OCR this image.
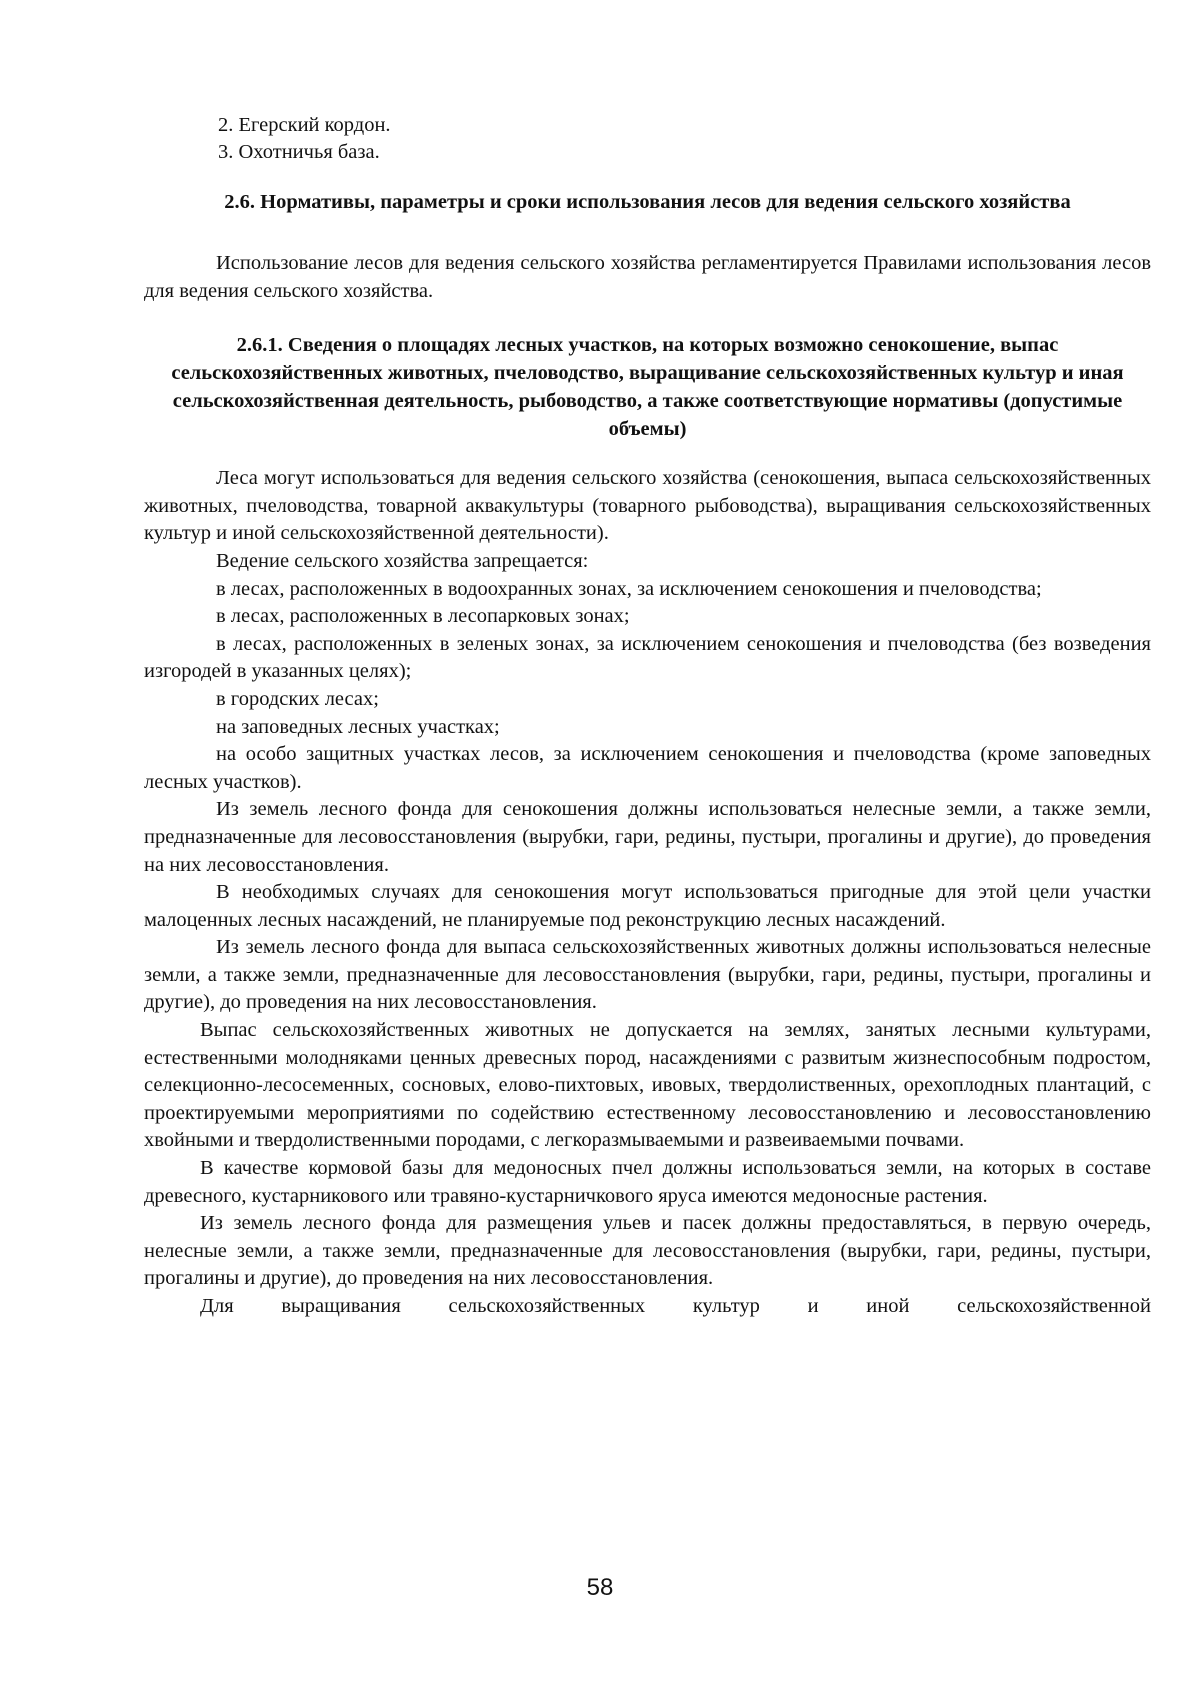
2. Егерский кордон.
3. Охотничья база.
2.6. Нормативы, параметры и сроки использования лесов для ведения сельского хозяйства

Использование лесов для ведения сельского хозяйства регламентируется Правилами использования лесов для ведения сельского хозяйства.

2.6.1. Сведения о площадях лесных участков, на которых возможно сенокошение, выпас сельскохозяйственных животных, пчеловодство, выращивание сельскохозяйственных культур и иная сельскохозяйственная деятельность, рыбоводство, а также соответствующие нормативы (допустимые объемы)

Леса могут использоваться для ведения сельского хозяйства (сенокошения, выпаса сельскохозяйственных животных, пчеловодства, товарной аквакультуры (товарного рыбоводства), выращивания сельскохозяйственных культур и иной сельскохозяйственной деятельности).

Ведение сельского хозяйства запрещается:

в лесах, расположенных в водоохранных зонах, за исключением сенокошения и пчеловодства;

в лесах, расположенных в лесопарковых зонах;

в лесах, расположенных в зеленых зонах, за исключением сенокошения и пчеловодства (без возведения изгородей в указанных целях);

в городских лесах;

на заповедных лесных участках;

на особо защитных участках лесов, за исключением сенокошения и пчеловодства (кроме заповедных лесных участков).

Из земель лесного фонда для сенокошения должны использоваться нелесные земли, а также земли, предназначенные для лесовосстановления (вырубки, гари, редины, пустыри, прогалины и другие), до проведения на них лесовосстановления.

В необходимых случаях для сенокошения могут использоваться пригодные для этой цели участки малоценных лесных насаждений, не планируемые под реконструкцию лесных насаждений.

Из земель лесного фонда для выпаса сельскохозяйственных животных должны использоваться нелесные земли, а также земли, предназначенные для лесовосстановления (вырубки, гари, редины, пустыри, прогалины и другие), до проведения на них лесовосстановления.

Выпас сельскохозяйственных животных не допускается на землях, занятых лесными культурами, естественными молодняками ценных древесных пород, насаждениями с развитым жизнеспособным подростом, селекционно-лесосеменных, сосновых, елово-пихтовых, ивовых, твердолиственных, орехоплодных плантаций, с проектируемыми мероприятиями по содействию естественному лесовосстановлению и лесовосстановлению хвойными и твердолиственными породами, с легкоразмываемыми и развеиваемыми почвами.

В качестве кормовой базы для медоносных пчел должны использоваться земли, на которых в составе древесного, кустарникового или травяно-кустарничкового яруса имеются медоносные растения.

Из земель лесного фонда для размещения ульев и пасек должны предоставляться, в первую очередь, нелесные земли, а также земли, предназначенные для лесовосстановления (вырубки, гари, редины, пустыри, прогалины и другие), до проведения на них лесовосстановления.

Для выращивания сельскохозяйственных культур и иной сельскохозяйственной

58
